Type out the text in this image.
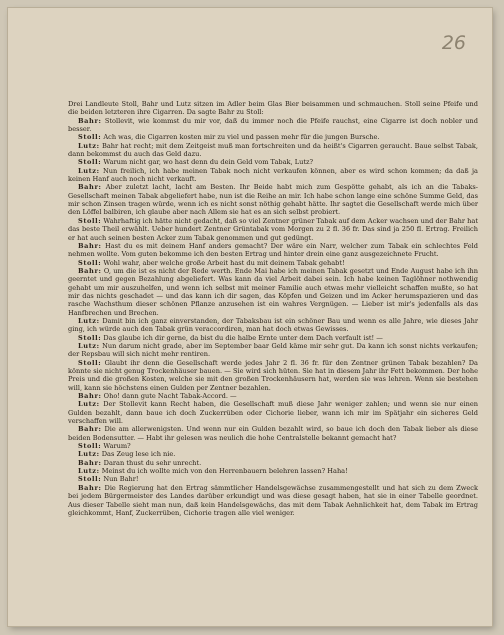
26

Drei Landleute Stoll, Bahr und Lutz sitzen im Adler beim Glas Bier beisammen und schmauchen. Stoll seine Pfeife und die beiden letzteren ihre Cigarren. Da sagte Bahr zu Stoll:

Bahr: Stollevit, wie kommst du mir vor, daß du immer noch die Pfeife rauchst, eine Cigarre ist doch nobler und besser.

Stoll: Ach was, die Cigarren kosten mir zu viel und passen mehr für die jungen Bursche.

Lutz: Bahr hat recht; mit dem Zeitgeist muß man fortschreiten und da heißt's Cigarren geraucht. Baue selbst Tabak, dann bekommst du auch das Geld dazu.

Stoll: Warum nicht gar, wo hast denn du dein Geld vom Tabak, Lutz?

Lutz: Nun freilich, ich habe meinen Tabak noch nicht verkaufen können, aber es wird schon kommen; da daß ja keinen Hanf auch noch nicht verkauft.

Bahr: Aber zuletzt lacht, lacht am Besten. Ihr Beide habt mich zum Gespötte gehabt, als ich an die Tabaks-Gesellschaft meinen Tabak abgeliefert habe, nun ist die Reihe an mir. Ich habe schon lange eine schöne Summe Geld, das mir schon Zinsen tragen würde, wenn ich es nicht sonst nöthig gehabt hätte. Ihr sagtet die Gesellschaft werde mich über den Löffel balbiren, ich glaube aber nach Allem sie hat es an sich selbst probiert.

Stoll: Wahrhaftig ich hätte nicht gedacht, daß so viel Zentner grüner Tabak auf dem Acker wachsen und der Bahr hat das beste Theil erwählt. Ueber hundert Zentner Grüntabak vom Morgen zu 2 fl. 36 fr. Das sind ja 250 fl. Ertrag. Freilich er hat auch seinen besten Acker zum Tabak genommen und gut gedüngt.

Bahr: Hast du es mit deinem Hanf anders gemacht? Der wäre ein Narr, welcher zum Tabak ein schlechtes Feld nehmen wollte. Vom guten bekomme ich den besten Ertrag und hinter drein eine ganz ausgezeichnete Frucht.

Stoll: Wohl wahr, aber welche große Arbeit hast du mit deinem Tabak gehabt!

Bahr: O, um die ist es nicht der Rede werth. Ende Mai habe ich meinen Tabak gesetzt und Ende August habe ich ihn geerntet und gegen Bezahlung abgeliefert. Was kann da viel Arbeit dabei sein. Ich habe keinen Taglöhner nothwendig gehabt um mir auszuhelfen, und wenn ich selbst mit meiner Familie auch etwas mehr vielleicht schaffen mußte, so hat mir das nichts geschadet — und das kann ich dir sagen, das Köpfen und Geizen und im Acker herumspazieren und das rasche Wachsthum dieser schönen Pflanze anzusehen ist ein wahres Vergnügen. — Lieber ist mir's jedenfalls als das Hanfbrechen und Brechen.

Lutz: Damit bin ich ganz einverstanden, der Tabaksbau ist ein schöner Bau und wenn es alle Jahre, wie dieses Jahr ging, ich würde auch den Tabak grün veraccordiren, man hat doch etwas Gewisses.

Stoll: Das glaube ich dir gerne, da bist du die halbe Ernte unter dem Dach verfault ist! —

Lutz: Nun darum nicht grade, aber im September baar Geld käme mir sehr gut. Da kann ich sonst nichts verkaufen; der Repsbau will sich nicht mehr rentiren.

Stoll: Glaubt ihr denn die Gesellschaft werde jedes Jahr 2 fl. 36 fr. für den Zentner grünen Tabak bezahlen? Da könnte sie nicht genug Trockenhäuser bauen. — Sie wird sich hüten. Sie hat in diesem Jahr ihr Fett bekommen. Der hohe Preis und die großen Kosten, welche sie mit den großen Trockenhäusern hat, werden sie was lehren. Wenn sie bestehen will, kann sie höchstens einen Gulden per Zentner bezahlen.

Bahr: Oho! dann gute Nacht Tabak-Accord. —

Lutz: Der Stollevit kann Recht haben, die Gesellschaft muß diese Jahr weniger zahlen; und wenn sie nur einen Gulden bezahlt, dann baue ich doch Zuckerrüben oder Cichorie lieber, wann ich mir im Spätjahr ein sicheres Geld verschaffen will.

Bahr: Die am allerwenigsten. Und wenn nur ein Gulden bezahlt wird, so baue ich doch den Tabak lieber als diese beiden Bodensutter. — Habt ihr gelesen was neulich die hohe Centralstelle bekannt gemacht hat?

Stoll: Warum?

Lutz: Das Zeug lese ich nie.

Bahr: Daran thust du sehr unrecht.

Lutz: Meinst du ich wollte mich von den Herrenbauern belehren lassen? Haha!

Stoll: Nun Bahr!

Bahr: Die Regierung hat den Ertrag sämmtlicher Handelsgewächse zusammengestellt und hat sich zu dem Zweck bei jedem Bürgermeister des Landes darüber erkundigt und was diese gesagt haben, hat sie in einer Tabelle geordnet. Aus dieser Tabelle sieht man nun, daß kein Handelsgewächs, das mit dem Tabak Aehnlichkeit hat, dem Tabak im Ertrag gleichkommt, Hanf, Zuckerrüben, Cichorie tragen alle viel weniger.
